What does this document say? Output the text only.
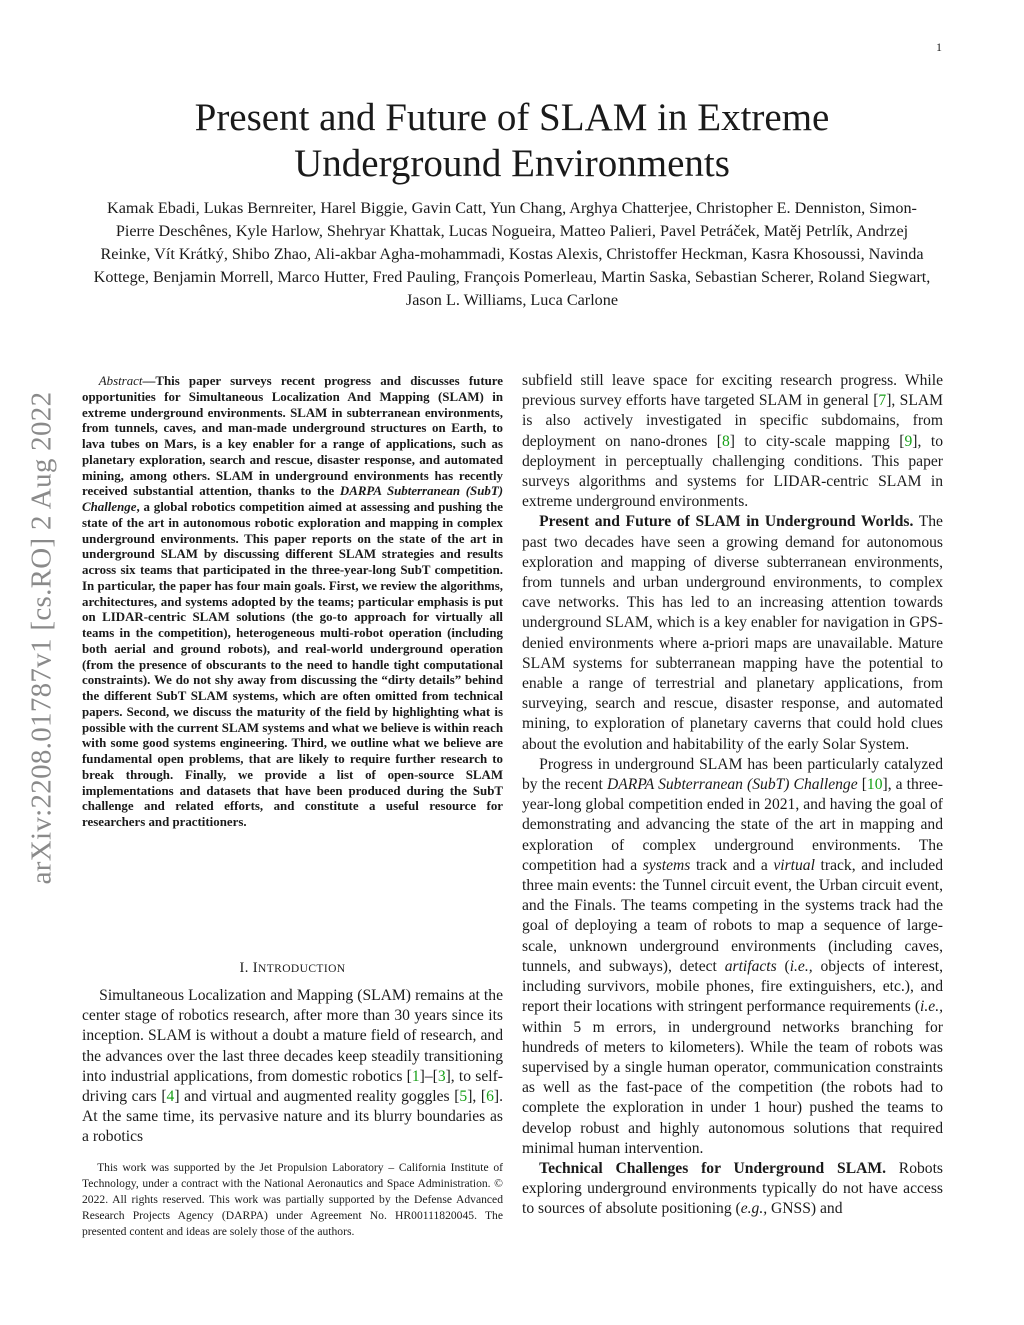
1
arXiv:2208.01787v1 [cs.RO] 2 Aug 2022
Present and Future of SLAM in Extreme Underground Environments
Kamak Ebadi, Lukas Bernreiter, Harel Biggie, Gavin Catt, Yun Chang, Arghya Chatterjee, Christopher E. Denniston, Simon-Pierre Deschênes, Kyle Harlow, Shehryar Khattak, Lucas Nogueira, Matteo Palieri, Pavel Petráček, Matěj Petrlík, Andrzej Reinke, Vít Krátký, Shibo Zhao, Ali-akbar Agha-mohammadi, Kostas Alexis, Christoffer Heckman, Kasra Khosoussi, Navinda Kottege, Benjamin Morrell, Marco Hutter, Fred Pauling, François Pomerleau, Martin Saska, Sebastian Scherer, Roland Siegwart, Jason L. Williams, Luca Carlone
Abstract—This paper surveys recent progress and discusses future opportunities for Simultaneous Localization And Mapping (SLAM) in extreme underground environments. SLAM in subterranean environments, from tunnels, caves, and man-made underground structures on Earth, to lava tubes on Mars, is a key enabler for a range of applications, such as planetary exploration, search and rescue, disaster response, and automated mining, among others. SLAM in underground environments has recently received substantial attention, thanks to the DARPA Subterranean (SubT) Challenge, a global robotics competition aimed at assessing and pushing the state of the art in autonomous robotic exploration and mapping in complex underground environments. This paper reports on the state of the art in underground SLAM by discussing different SLAM strategies and results across six teams that participated in the three-year-long SubT competition. In particular, the paper has four main goals. First, we review the algorithms, architectures, and systems adopted by the teams; particular emphasis is put on LIDAR-centric SLAM solutions (the go-to approach for virtually all teams in the competition), heterogeneous multi-robot operation (including both aerial and ground robots), and real-world underground operation (from the presence of obscurants to the need to handle tight computational constraints). We do not shy away from discussing the “dirty details” behind the different SubT SLAM systems, which are often omitted from technical papers. Second, we discuss the maturity of the field by highlighting what is possible with the current SLAM systems and what we believe is within reach with some good systems engineering. Third, we outline what we believe are fundamental open problems, that are likely to require further research to break through. Finally, we provide a list of open-source SLAM implementations and datasets that have been produced during the SubT challenge and related efforts, and constitute a useful resource for researchers and practitioners.
I. INTRODUCTION
Simultaneous Localization and Mapping (SLAM) remains at the center stage of robotics research, after more than 30 years since its inception. SLAM is without a doubt a mature field of research, and the advances over the last three decades keep steadily transitioning into industrial applications, from domestic robotics [1]–[3], to self-driving cars [4] and virtual and augmented reality goggles [5], [6]. At the same time, its pervasive nature and its blurry boundaries as a robotics
This work was supported by the Jet Propulsion Laboratory – California Institute of Technology, under a contract with the National Aeronautics and Space Administration. © 2022. All rights reserved. This work was partially supported by the Defense Advanced Research Projects Agency (DARPA) under Agreement No. HR00111820045. The presented content and ideas are solely those of the authors.

subfield still leave space for exciting research progress. While previous survey efforts have targeted SLAM in general [7], SLAM is also actively investigated in specific subdomains, from deployment on nano-drones [8] to city-scale mapping [9], to deployment in perceptually challenging conditions. This paper surveys algorithms and systems for LIDAR-centric SLAM in extreme underground environments.

Present and Future of SLAM in Underground Worlds. The past two decades have seen a growing demand for autonomous exploration and mapping of diverse subterranean environments, from tunnels and urban underground environments, to complex cave networks. This has led to an increasing attention towards underground SLAM, which is a key enabler for navigation in GPS-denied environments where a-priori maps are unavailable. Mature SLAM systems for subterranean mapping have the potential to enable a range of terrestrial and planetary applications, from surveying, search and rescue, disaster response, and automated mining, to exploration of planetary caverns that could hold clues about the evolution and habitability of the early Solar System.

Progress in underground SLAM has been particularly catalyzed by the recent DARPA Subterranean (SubT) Challenge [10], a three-year-long global competition ended in 2021, and having the goal of demonstrating and advancing the state of the art in mapping and exploration of complex underground environments. The competition had a systems track and a virtual track, and included three main events: the Tunnel circuit event, the Urban circuit event, and the Finals. The teams competing in the systems track had the goal of deploying a team of robots to map a sequence of large-scale, unknown underground environments (including caves, tunnels, and subways), detect artifacts (i.e., objects of interest, including survivors, mobile phones, fire extinguishers, etc.), and report their locations with stringent performance requirements (i.e., within 5 m errors, in underground networks branching for hundreds of meters to kilometers). While the team of robots was supervised by a single human operator, communication constraints as well as the fast-pace of the competition (the robots had to complete the exploration in under 1 hour) pushed the teams to develop robust and highly autonomous solutions that required minimal human intervention.

Technical Challenges for Underground SLAM. Robots exploring underground environments typically do not have access to sources of absolute positioning (e.g., GNSS) and
